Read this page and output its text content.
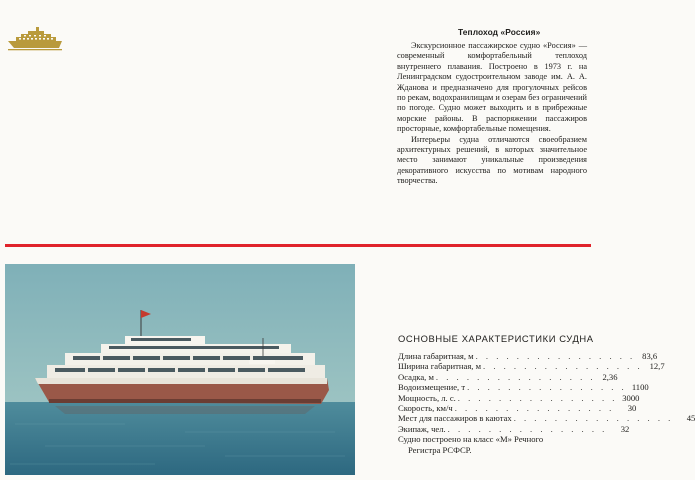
Теплоход «Россия»

Экскурсионное пассажирское судно «Россия» — современный комфортабельный теплоход внутреннего плавания. Построено в 1973 г. на Ленинградском судостроительном заводе им. А. А. Жданова и предназначено для прогулочных рейсов по рекам, водохранилищам и озерам без ограничений по погоде. Судно может выходить и в прибрежные морские районы. В распоряжении пассажиров просторные, комфортабельные помещения.

Интерьеры судна отличаются своеобразием архитектурных решений, в которых значительное место занимают уникальные произведения декоративного искусства по мотивам народного творчества.

ОСНОВНЫЕ ХАРАКТЕРИСТИКИ СУДНА
Длина габаритная, м . . . . . . . . . . . . . . . . 83,6
Ширина габаритная, м . . . . . . . . . . . . . . . . 12,7
Осадка, м . . . . . . . . . . . . . . . . 2,36
Водоизмещение, т . . . . . . . . . . . . . . . . 1100
Мощность, л. с. . . . . . . . . . . . . . . . . 3000
Скорость, км/ч . . . . . . . . . . . . . . . .	30
Мест для пассажиров в каютах . . . . . . . . . . . . . . . .	45
Экипаж, чел. . . . . . . . . . . . . . . . .	32
Судно построено на класс «М» Речного
Регистра РСФСР.
